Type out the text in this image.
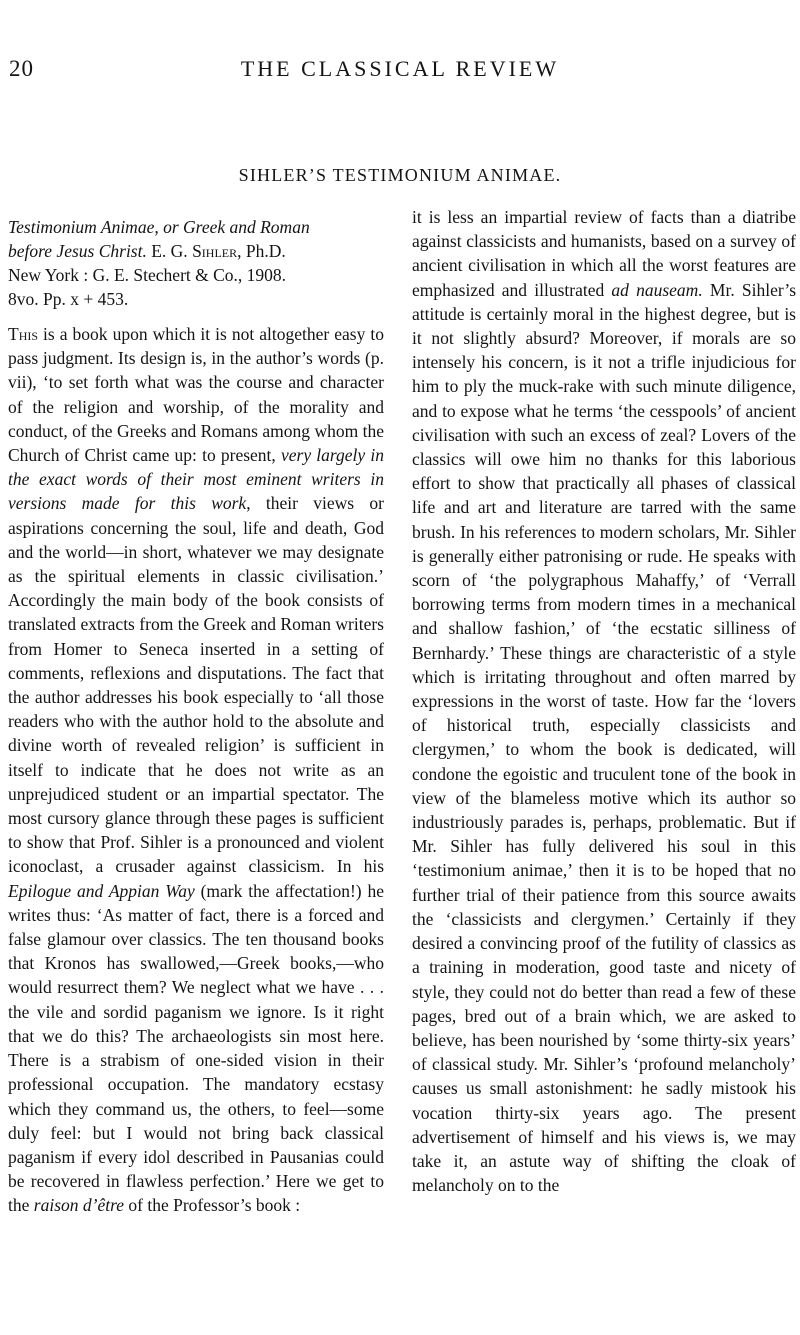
20	THE CLASSICAL REVIEW
SIHLER’S TESTIMONIUM ANIMAE.
Testimonium Animae, or Greek and Roman
before Jesus Christ. E. G. Sihler, Ph.D.
New York : G. E. Stechert & Co., 1908.
8vo. Pp. x + 453.

This is a book upon which it is not altogether easy to pass judgment. Its design is, in the author’s words (p. vii), ‘to set forth what was the course and character of the religion and worship, of the morality and conduct, of the Greeks and Romans among whom the Church of Christ came up: to present, very largely in the exact words of their most eminent writers in versions made for this work, their views or aspirations concerning the soul, life and death, God and the world—in short, whatever we may designate as the spiritual elements in classic civilisation.’ Accordingly the main body of the book consists of translated extracts from the Greek and Roman writers from Homer to Seneca inserted in a setting of comments, reflexions and disputations. The fact that the author addresses his book especially to ‘all those readers who with the author hold to the absolute and divine worth of revealed religion’ is sufficient in itself to indicate that he does not write as an unprejudiced student or an impartial spectator. The most cursory glance through these pages is sufficient to show that Prof. Sihler is a pronounced and violent iconoclast, a crusader against classicism. In his Epilogue and Appian Way (mark the affectation!) he writes thus: ‘As matter of fact, there is a forced and false glamour over classics. The ten thousand books that Kronos has swallowed,—Greek books,—who would resurrect them? We neglect what we have . . . the vile and sordid paganism we ignore. Is it right that we do this? The archaeologists sin most here. There is a strabism of one-sided vision in their professional occupation. The mandatory ecstasy which they command us, the others, to feel—some duly feel: but I would not bring back classical paganism if every idol described in Pausanias could be recovered in flawless perfection.’ Here we get to the raison d’être of the Professor’s book :

it is less an impartial review of facts than a diatribe against classicists and humanists, based on a survey of ancient civilisation in which all the worst features are emphasized and illustrated ad nauseam. Mr. Sihler’s attitude is certainly moral in the highest degree, but is it not slightly absurd? Moreover, if morals are so intensely his concern, is it not a trifle injudicious for him to ply the muck-rake with such minute diligence, and to expose what he terms ‘the cesspools’ of ancient civilisation with such an excess of zeal? Lovers of the classics will owe him no thanks for this laborious effort to show that practically all phases of classical life and art and literature are tarred with the same brush. In his references to modern scholars, Mr. Sihler is generally either patronising or rude. He speaks with scorn of ‘the polygraphous Mahaffy,’ of ‘Verrall borrowing terms from modern times in a mechanical and shallow fashion,’ of ‘the ecstatic silliness of Bernhardy.’ These things are characteristic of a style which is irritating throughout and often marred by expressions in the worst of taste. How far the ‘lovers of historical truth, especially classicists and clergymen,’ to whom the book is dedicated, will condone the egoistic and truculent tone of the book in view of the blameless motive which its author so industriously parades is, perhaps, problematic. But if Mr. Sihler has fully delivered his soul in this ‘testimonium animae,’ then it is to be hoped that no further trial of their patience from this source awaits the ‘classicists and clergymen.’ Certainly if they desired a convincing proof of the futility of classics as a training in moderation, good taste and nicety of style, they could not do better than read a few of these pages, bred out of a brain which, we are asked to believe, has been nourished by ‘some thirty-six years’ of classical study. Mr. Sihler’s ‘profound melancholy’ causes us small astonishment: he sadly mistook his vocation thirty-six years ago. The present advertisement of himself and his views is, we may take it, an astute way of shifting the cloak of melancholy on to the
